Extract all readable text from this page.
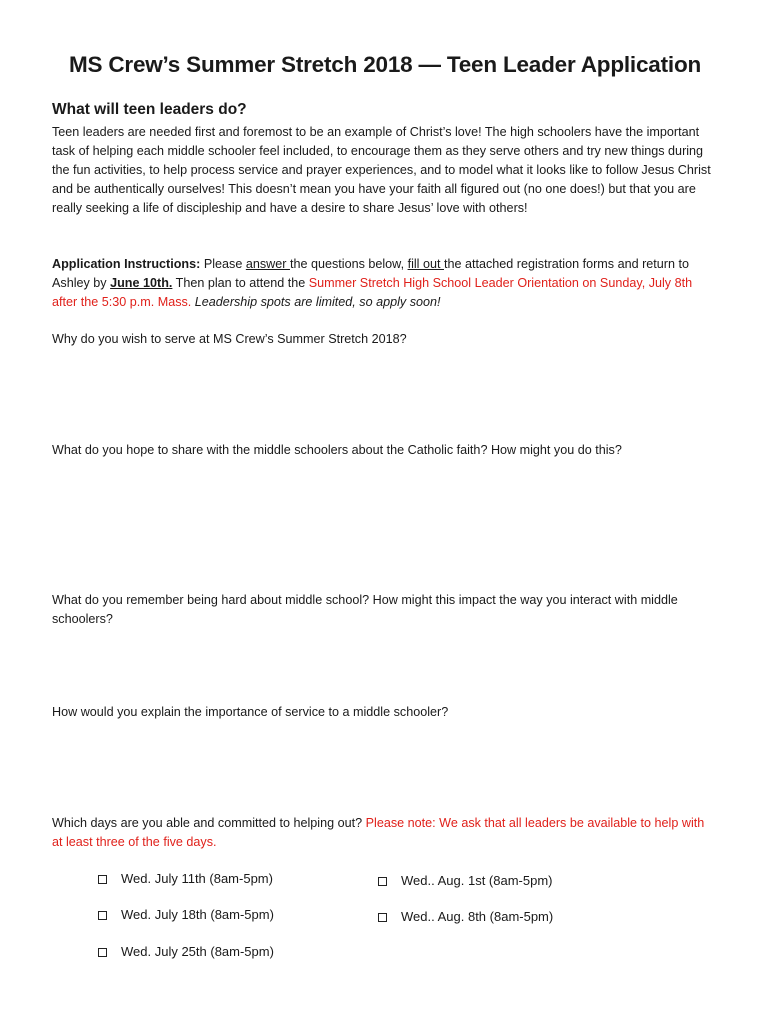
MS Crew’s Summer Stretch 2018 — Teen Leader Application
What will teen leaders do?
Teen leaders are needed first and foremost to be an example of Christ’s love! The high schoolers have the important task of helping each middle schooler feel included, to encourage them as they serve others and try new things during the fun activities, to help process service and prayer experiences, and to model what it looks like to follow Jesus Christ and be authentically ourselves! This doesn’t mean you have your faith all figured out (no one does!) but that you are really seeking a life of discipleship and have a desire to share Jesus’ love with others!
Application Instructions: Please answer the questions below, fill out the attached registration forms and return to Ashley by June 10th. Then plan to attend the Summer Stretch High School Leader Orientation on Sunday, July 8th after the 5:30 p.m. Mass. Leadership spots are limited, so apply soon!
Why do you wish to serve at MS Crew’s Summer Stretch 2018?
What do you hope to share with the middle schoolers about the Catholic faith? How might you do this?
What do you remember being hard about middle school? How might this impact the way you interact with middle schoolers?
How would you explain the importance of service to a middle schooler?
Which days are you able and committed to helping out? Please note: We ask that all leaders be available to help with at least three of the five days.
Wed. July 11th (8am-5pm)
Wed. July 18th (8am-5pm)
Wed. July 25th (8am-5pm)
Wed.. Aug. 1st (8am-5pm)
Wed.. Aug. 8th (8am-5pm)
